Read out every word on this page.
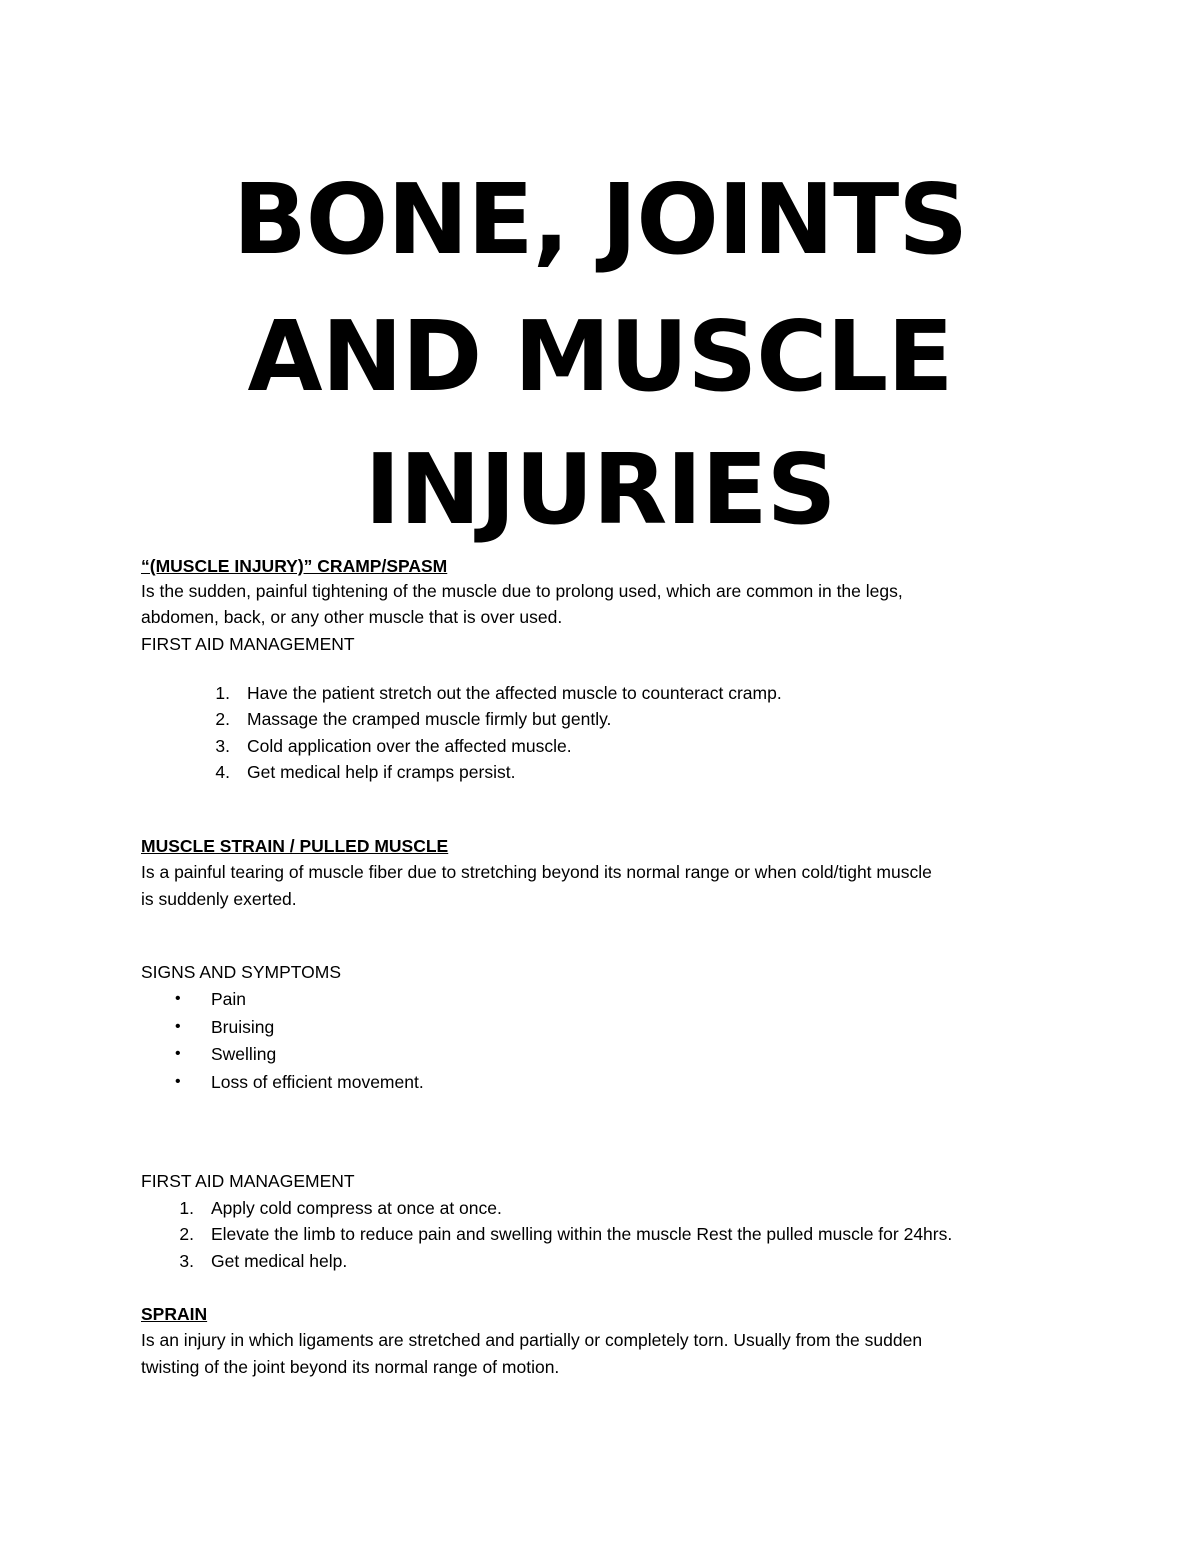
BONE, JOINTS
AND MUSCLE
INJURIES
“(MUSCLE INJURY)” CRAMP/SPASM
Is the sudden, painful tightening of the muscle due to prolong used, which are common in the legs,
abdomen, back, or any other muscle that is over used.
FIRST AID MANAGEMENT
1. Have the patient stretch out the affected muscle to counteract cramp.
2. Massage the cramped muscle firmly but gently.
3. Cold application over the affected muscle.
4. Get medical help if cramps persist.
MUSCLE STRAIN / PULLED MUSCLE
Is a painful tearing of muscle fiber due to stretching beyond its normal range or when cold/tight muscle
is suddenly exerted.
SIGNS AND SYMPTOMS
• Pain
• Bruising
• Swelling
• Loss of efficient movement.
FIRST AID MANAGEMENT
1. Apply cold compress at once at once.
2. Elevate the limb to reduce pain and swelling within the muscle Rest the pulled muscle for 24hrs.
3. Get medical help.
SPRAIN
Is an injury in which ligaments are stretched and partially or completely torn. Usually from the sudden
twisting of the joint beyond its normal range of motion.
